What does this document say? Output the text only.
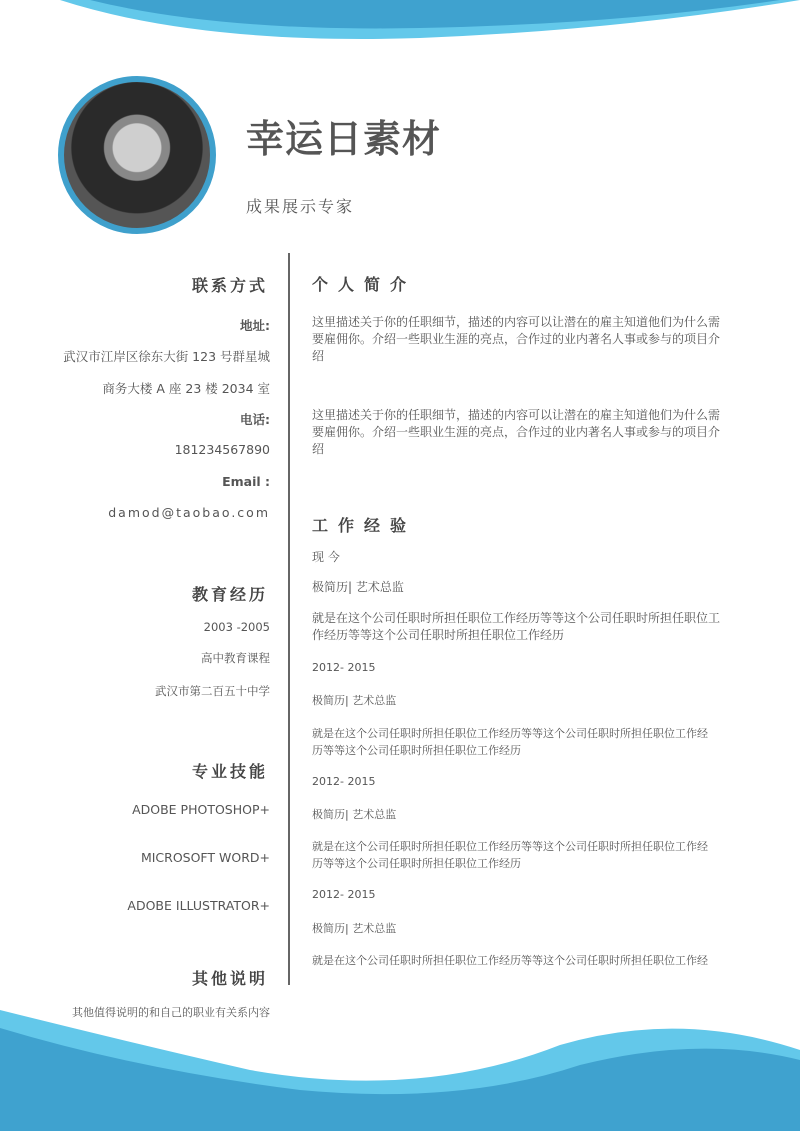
幸运日素材
成果展示专家
联系方式
地址:
武汉市江岸区徐东大街 123 号群星城
商务大楼 A 座 23 楼 2034 室
电话:
181234567890
Email :
damod@taobao.com
教育经历
2003 -2005
高中教育课程
武汉市第二百五十中学
专业技能
ADOBE PHOTOSHOP+
MICROSOFT WORD+
ADOBE ILLUSTRATOR+
其他说明
其他值得说明的和自己的职业有关系内容
个人简介
这里描述关于你的任职细节，描述的内容可以让潜在的雇主知道他们为什么需要雇佣你。介绍一些职业生涯的亮点，合作过的业内著名人事或参与的项目介绍
这里描述关于你的任职细节，描述的内容可以让潜在的雇主知道他们为什么需要雇佣你。介绍一些职业生涯的亮点，合作过的业内著名人事或参与的项目介绍
工作经验
现 今
极简历| 艺术总监
就是在这个公司任职时所担任职位工作经历等等这个公司任职时所担任职位工作经历等等这个公司任职时所担任职位工作经历
2012- 2015
极简历| 艺术总监
就是在这个公司任职时所担任职位工作经历等等这个公司任职时所担任职位工作经历等等这个公司任职时所担任职位工作经历
2012- 2015
极简历| 艺术总监
就是在这个公司任职时所担任职位工作经历等等这个公司任职时所担任职位工作经历等等这个公司任职时所担任职位工作经历
2012- 2015
极简历| 艺术总监
就是在这个公司任职时所担任职位工作经历等等这个公司任职时所担任职位工作经
